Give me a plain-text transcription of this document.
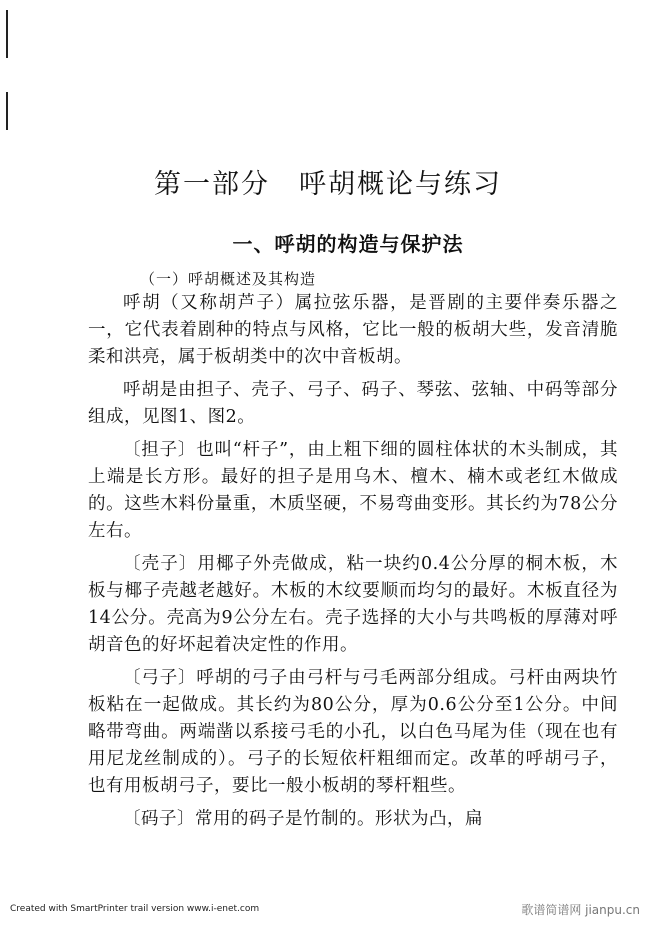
第一部分　呼胡概论与练习
一、呼胡的构造与保护法
（一）呼胡概述及其构造

呼胡（又称胡芦子）属拉弦乐器，是晋剧的主要伴奏乐器之一，它代表着剧种的特点与风格，它比一般的板胡大些，发音清脆柔和洪亮，属于板胡类中的次中音板胡。

呼胡是由担子、壳子、弓子、码子、琴弦、弦轴、中码等部分组成，见图1、图2。

〔担子〕也叫“杆子”，由上粗下细的圆柱体状的木头制成，其上端是长方形。最好的担子是用乌木、檀木、楠木或老红木做成的。这些木料份量重，木质坚硬，不易弯曲变形。其长约为78公分左右。

〔壳子〕用椰子外壳做成，粘一块约0.4公分厚的桐木板，木板与椰子壳越老越好。木板的木纹要顺而均匀的最好。木板直径为14公分。壳高为9公分左右。壳子选择的大小与共鸣板的厚薄对呼胡音色的好坏起着决定性的作用。

〔弓子〕呼胡的弓子由弓杆与弓毛两部分组成。弓杆由两块竹板粘在一起做成。其长约为80公分，厚为0.6公分至1公分。中间略带弯曲。两端凿以系接弓毛的小孔，以白色马尾为佳（现在也有用尼龙丝制成的）。弓子的长短依杆粗细而定。改革的呼胡弓子，也有用板胡弓子，要比一般小板胡的琴杆粗些。

〔码子〕常用的码子是竹制的。形状为凸，扁

Created with SmartPrinter trail version www.i-enet.com	歌谱简谱网 jianpu.cn
